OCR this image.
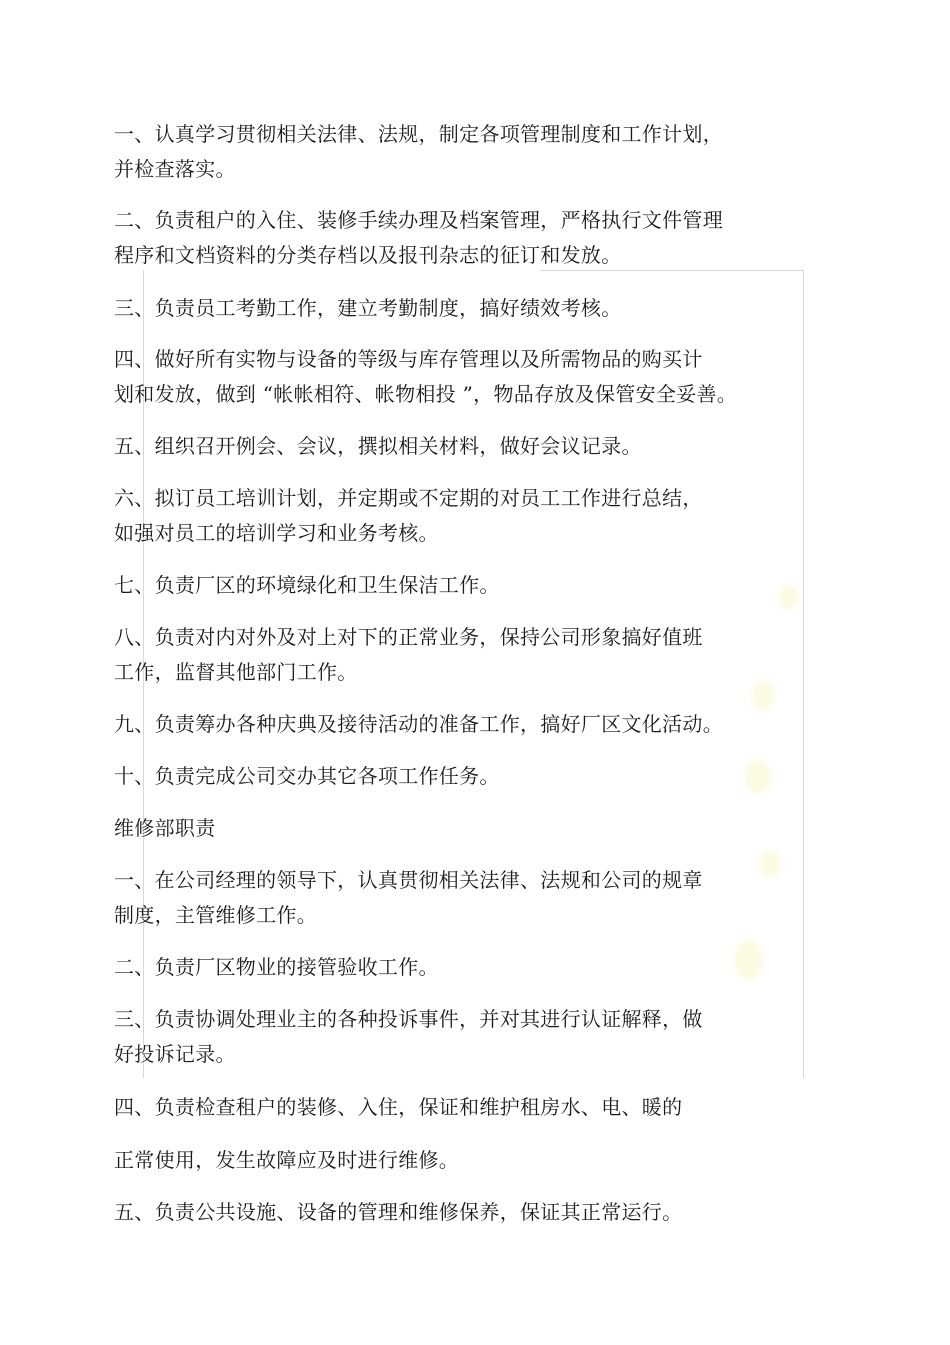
一、认真学习贯彻相关法律、法规，制定各项管理制度和工作计划，
并检查落实。
二、负责租户的入住、装修手续办理及档案管理，严格执行文件管理
程序和文档资料的分类存档以及报刊杂志的征订和发放。
三、负责员工考勤工作，建立考勤制度，搞好绩效考核。
四、做好所有实物与设备的等级与库存管理以及所需物品的购买计
划和发放，做到 “帐帐相符、帐物相投 ”，物品存放及保管安全妥善。
五、组织召开例会、会议，撰拟相关材料，做好会议记录。
六、拟订员工培训计划，并定期或不定期的对员工工作进行总结，
如强对员工的培训学习和业务考核。
七、负责厂区的环境绿化和卫生保洁工作。
八、负责对内对外及对上对下的正常业务，保持公司形象搞好值班
工作，监督其他部门工作。
九、负责筹办各种庆典及接待活动的准备工作，搞好厂区文化活动。
十、负责完成公司交办其它各项工作任务。
维修部职责
一、在公司经理的领导下，认真贯彻相关法律、法规和公司的规章
制度，主管维修工作。
二、负责厂区物业的接管验收工作。
三、负责协调处理业主的各种投诉事件，并对其进行认证解释，做
好投诉记录。
四、负责检查租户的装修、入住，保证和维护租房水、电、暖的
正常使用，发生故障应及时进行维修。
五、负责公共设施、设备的管理和维修保养，保证其正常运行。
